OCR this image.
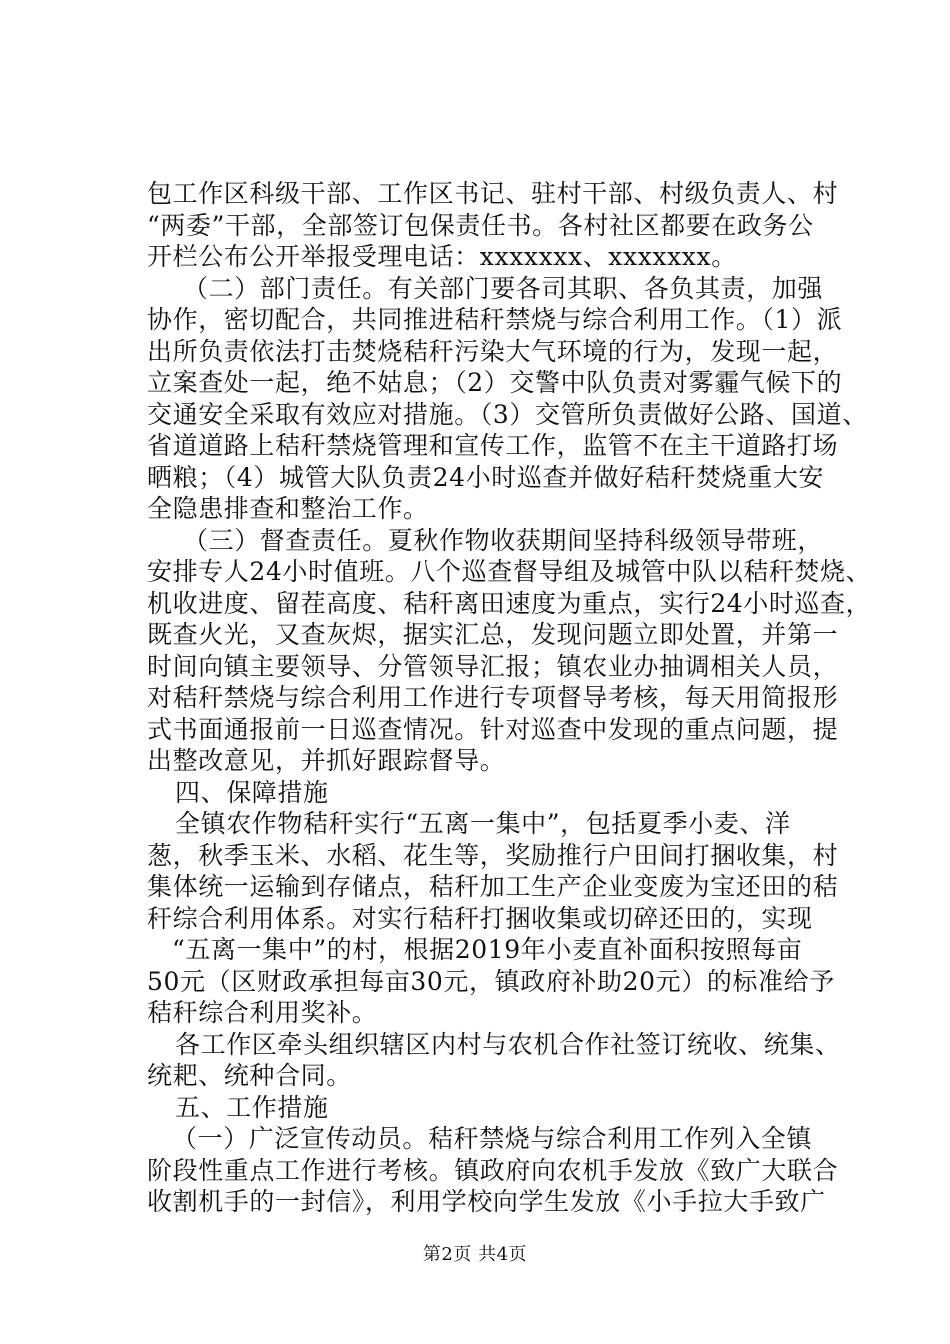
包工作区科级干部、工作区书记、驻村干部、村级负责人、村
“两委”干部，全部签订包保责任书。各村社区都要在政务公
开栏公布公开举报受理电话：xxxxxxx、xxxxxxx。
（二）部门责任。有关部门要各司其职、各负其责，加强
协作，密切配合，共同推进秸秆禁烧与综合利用工作。（1）派
出所负责依法打击焚烧秸秆污染大气环境的行为，发现一起，
立案查处一起，绝不姑息；（2）交警中队负责对雾霾气候下的
交通安全采取有效应对措施。（3）交管所负责做好公路、国道、
省道道路上秸秆禁烧管理和宣传工作，监管不在主干道路打场
晒粮；（4）城管大队负责24小时巡查并做好秸秆焚烧重大安
全隐患排查和整治工作。
（三）督查责任。夏秋作物收获期间坚持科级领导带班，
安排专人24小时值班。八个巡查督导组及城管中队以秸秆焚烧、
机收进度、留茬高度、秸秆离田速度为重点，实行24小时巡查，
既查火光，又查灰烬，据实汇总，发现问题立即处置，并第一
时间向镇主要领导、分管领导汇报；镇农业办抽调相关人员，
对秸秆禁烧与综合利用工作进行专项督导考核，每天用简报形
式书面通报前一日巡查情况。针对巡查中发现的重点问题，提
出整改意见，并抓好跟踪督导。
四、保障措施
全镇农作物秸秆实行“五离一集中”，包括夏季小麦、洋
葱，秋季玉米、水稻、花生等，奖励推行户田间打捆收集，村
集体统一运输到存储点，秸秆加工生产企业变废为宝还田的秸
秆综合利用体系。对实行秸秆打捆收集或切碎还田的，实现
“五离一集中”的村，根据2019年小麦直补面积按照每亩
50元（区财政承担每亩30元，镇政府补助20元）的标准给予
秸秆综合利用奖补。
各工作区牵头组织辖区内村与农机合作社签订统收、统集、
统耙、统种合同。
五、工作措施
（一）广泛宣传动员。秸秆禁烧与综合利用工作列入全镇
阶段性重点工作进行考核。镇政府向农机手发放《致广大联合
收割机手的一封信》，利用学校向学生发放《小手拉大手致广
第2页 共4页
